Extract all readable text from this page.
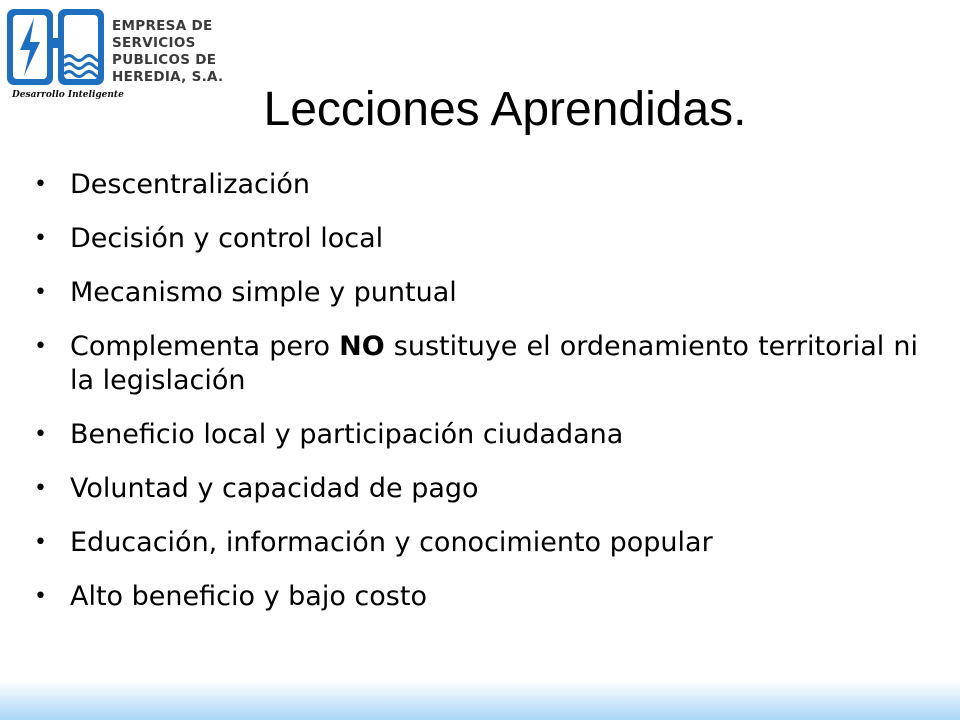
EMPRESA DE
SERVICIOS
PUBLICOS DE
HEREDIA, S.A.
Desarrollo Inteligente	Lecciones Aprendidas.
• Descentralización
• Decisión y control local
• Mecanismo simple y puntual
• Complementa pero NO sustituye el ordenamiento territorial ni la legislación
• Beneficio local y participación ciudadana
• Voluntad y capacidad de pago
• Educación, información y conocimiento popular
• Alto beneficio y bajo costo
